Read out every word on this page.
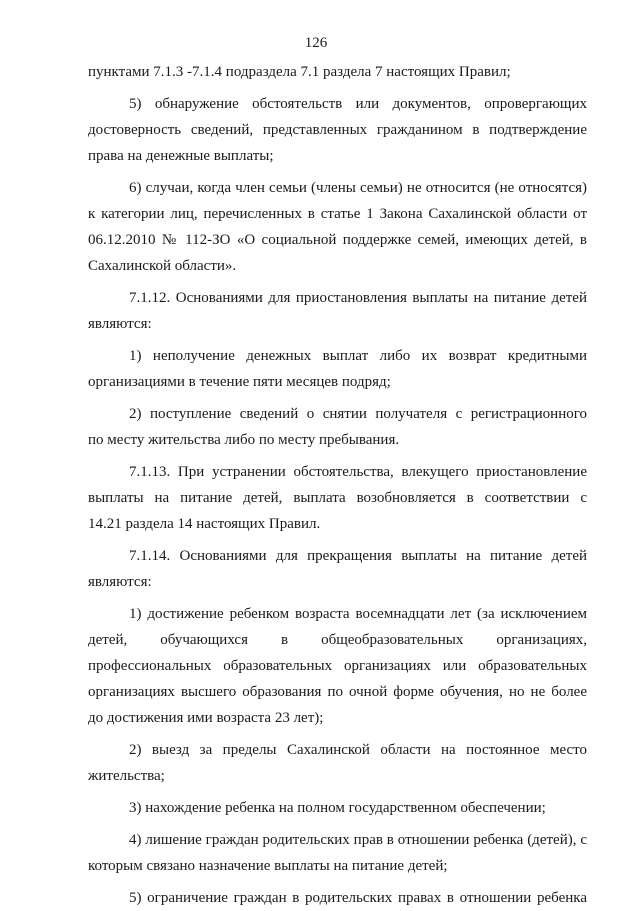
126
пунктами 7.1.3 -7.1.4 подраздела 7.1 раздела 7 настоящих Правил;
5) обнаружение обстоятельств или документов, опровергающих
достоверность сведений, представленных гражданином в подтверждение
права на денежные выплаты;
6) случаи, когда член семьи (члены семьи) не относится (не относятся)
к категории лиц, перечисленных в статье 1 Закона Сахалинской области от
06.12.2010 № 112-ЗО «О социальной поддержке семей, имеющих детей, в
Сахалинской области».
7.1.12. Основаниями для приостановления выплаты на питание детей
являются:
1) неполучение денежных выплат либо их возврат кредитными
организациями в течение пяти месяцев подряд;
2) поступление сведений о снятии получателя с регистрационного
по месту жительства либо по месту пребывания.
7.1.13. При устранении обстоятельства, влекущего приостановление
выплаты на питание детей, выплата возобновляется в соответствии с
14.21 раздела 14 настоящих Правил.
7.1.14. Основаниями для прекращения выплаты на питание детей
являются:
1) достижение ребенком возраста восемнадцати лет (за исключением
детей, обучающихся в общеобразовательных организациях,
профессиональных образовательных организациях или образовательных
организациях высшего образования по очной форме обучения, но не более
до достижения ими возраста 23 лет);
2) выезд за пределы Сахалинской области на постоянное место
жительства;
3) нахождение ребенка на полном государственном обеспечении;
4) лишение граждан родительских прав в отношении ребенка (детей), с
которым связано назначение выплаты на питание детей;
5) ограничение граждан в родительских правах в отношении ребенка
